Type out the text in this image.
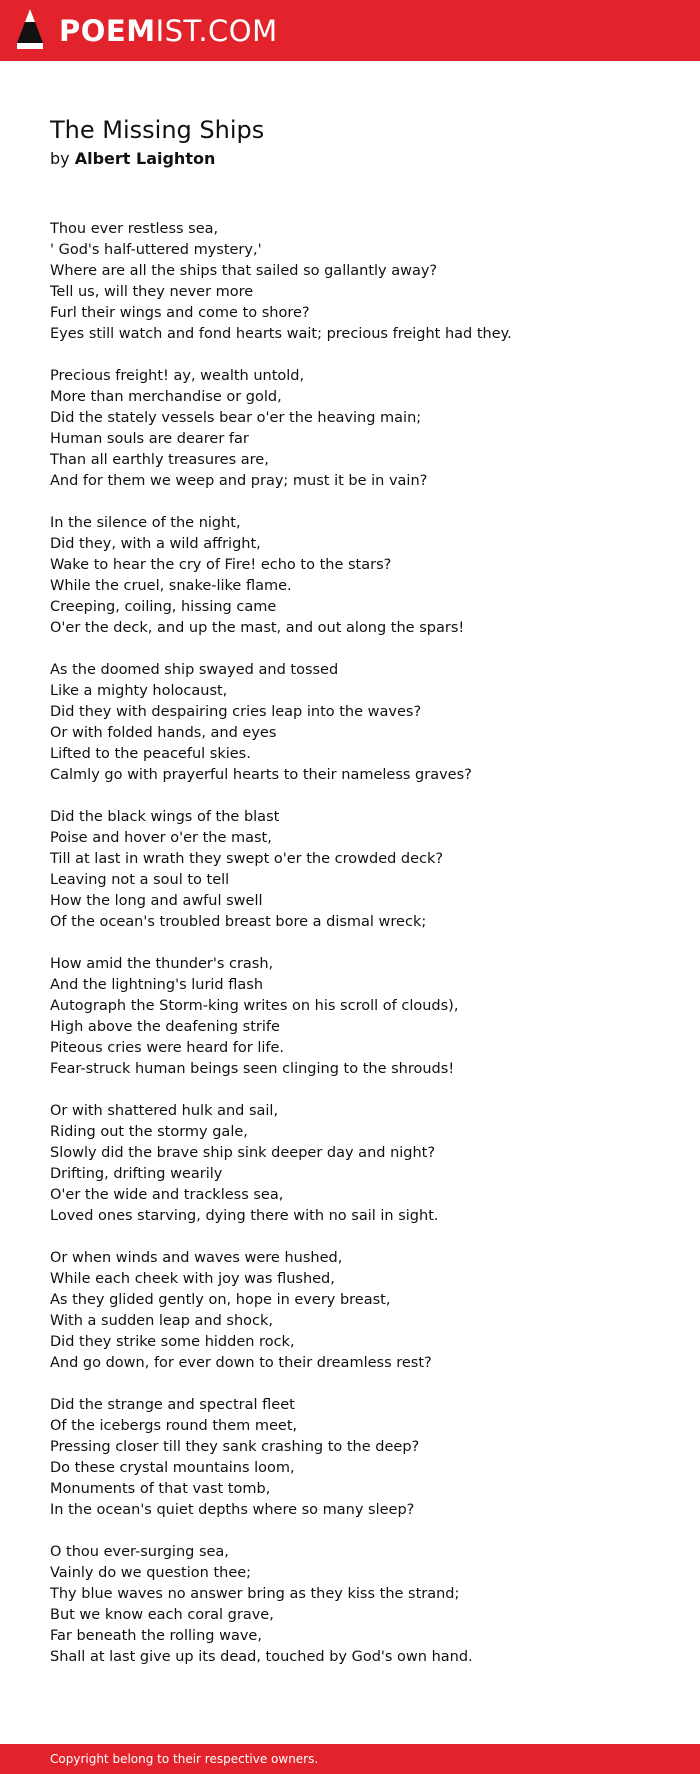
POEMIST.COM
The Missing Ships
by Albert Laighton
Thou ever restless sea,
' God's half-uttered mystery,'
Where are all the ships that sailed so gallantly away?
Tell us, will they never more
Furl their wings and come to shore?
Eyes still watch and fond hearts wait; precious freight had they.
Precious freight! ay, wealth untold,
More than merchandise or gold,
Did the stately vessels bear o'er the heaving main;
Human souls are dearer far
Than all earthly treasures are,
And for them we weep and pray; must it be in vain?
In the silence of the night,
Did they, with a wild affright,
Wake to hear the cry of Fire! echo to the stars?
While the cruel, snake-like flame.
Creeping, coiling, hissing came
O'er the deck, and up the mast, and out along the spars!
As the doomed ship swayed and tossed
Like a mighty holocaust,
Did they with despairing cries leap into the waves?
Or with folded hands, and eyes
Lifted to the peaceful skies.
Calmly go with prayerful hearts to their nameless graves?
Did the black wings of the blast
Poise and hover o'er the mast,
Till at last in wrath they swept o'er the crowded deck?
Leaving not a soul to tell
How the long and awful swell
Of the ocean's troubled breast bore a dismal wreck;
How amid the thunder's crash,
And the lightning's lurid flash
Autograph the Storm-king writes on his scroll of clouds),
High above the deafening strife
Piteous cries were heard for life.
Fear-struck human beings seen clinging to the shrouds!
Or with shattered hulk and sail,
Riding out the stormy gale,
Slowly did the brave ship sink deeper day and night?
Drifting, drifting wearily
O'er the wide and trackless sea,
Loved ones starving, dying there with no sail in sight.
Or when winds and waves were hushed,
While each cheek with joy was flushed,
As they glided gently on, hope in every breast,
With a sudden leap and shock,
Did they strike some hidden rock,
And go down, for ever down to their dreamless rest?
Did the strange and spectral fleet
Of the icebergs round them meet,
Pressing closer till they sank crashing to the deep?
Do these crystal mountains loom,
Monuments of that vast tomb,
In the ocean's quiet depths where so many sleep?
O thou ever-surging sea,
Vainly do we question thee;
Thy blue waves no answer bring as they kiss the strand;
But we know each coral grave,
Far beneath the rolling wave,
Shall at last give up its dead, touched by God's own hand.
Copyright belong to their respective owners.
